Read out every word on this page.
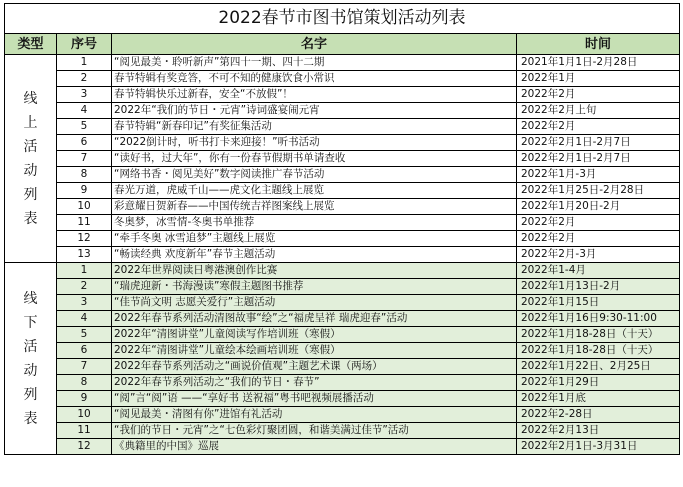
2022春节市图书馆策划活动列表			
类型	序号	名字	时间
线上活动列表	1	“阅见最美・聆听新声”第四十一期、四十二期	2021年1月1日-2月28日
	2	春节特辑有奖竞答，不可不知的健康饮食小常识	2022年1月
	3	春节特辑快乐过新春，安全“不放假”！	2022年2月
	4	2022年“我们的节日・元宵”诗词盛宴闹元宵	2022年2月上旬
	5	春节特辑“新春印记”有奖征集活动	2022年2月
	6	“2022倒计时，听书打卡来迎接！”听书活动	2022年2月1日-2月7日
	7	“读好书，过大年”，你有一份春节假期书单请查收	2022年2月1日-2月7日
	8	“网络书香・阅见美好”数字阅读推广春节活动	2022年1月-3月
	9	春光万道，虎威千山——虎文化主题线上展览	2022年1月25日-2月28日
	10	彩意耀日贺新春——中国传统吉祥图案线上展览	2022年1月20日-2月
	11	冬奥梦，冰雪情-冬奥书单推荐	2022年2月
	12	“牵手冬奥 冰雪追梦”主题线上展览	2022年2月
	13	“畅读经典 欢度新年”春节主题活动	2022年2月-3月
线下活动列表	1	2022年世界阅读日粤港澳创作比赛	2022年1-4月
	2	“瑞虎迎新・书海漫读”寒假主题图书推荐	2022年1月13日-2月
	3	“佳节尚文明 志愿关爱行”主题活动	2022年1月15日
	4	2022年春节系列活动清图故事“绘”之“福虎呈祥 瑞虎迎春”活动	2022年1月16日9:30-11:00
	5	2022年“清图讲堂”儿童阅读写作培训班（寒假）	2022年1月18-28日（十天）
	6	2022年“清图讲堂”儿童绘本绘画培训班（寒假）	2022年1月18-28日（十天）
	7	2022年春节系列活动之“画说价值观”主题艺术课（两场）	2022年1月22日、2月25日
	8	2022年春节系列活动之“我们的节日・春节”	2022年1月29日
	9	“阅”言“阅”语 ——“享好书 送祝福”粤书吧视频展播活动	2022年1月底
	10	“阅见最美・清图有你”进馆有礼活动	2022年2-28日
	11	“我们的节日・元宵”之“七色彩灯聚团圆，和谐美满过佳节”活动	2022年2月13日
	12	《典籍里的中国》巡展	2022年2月1日-3月31日
